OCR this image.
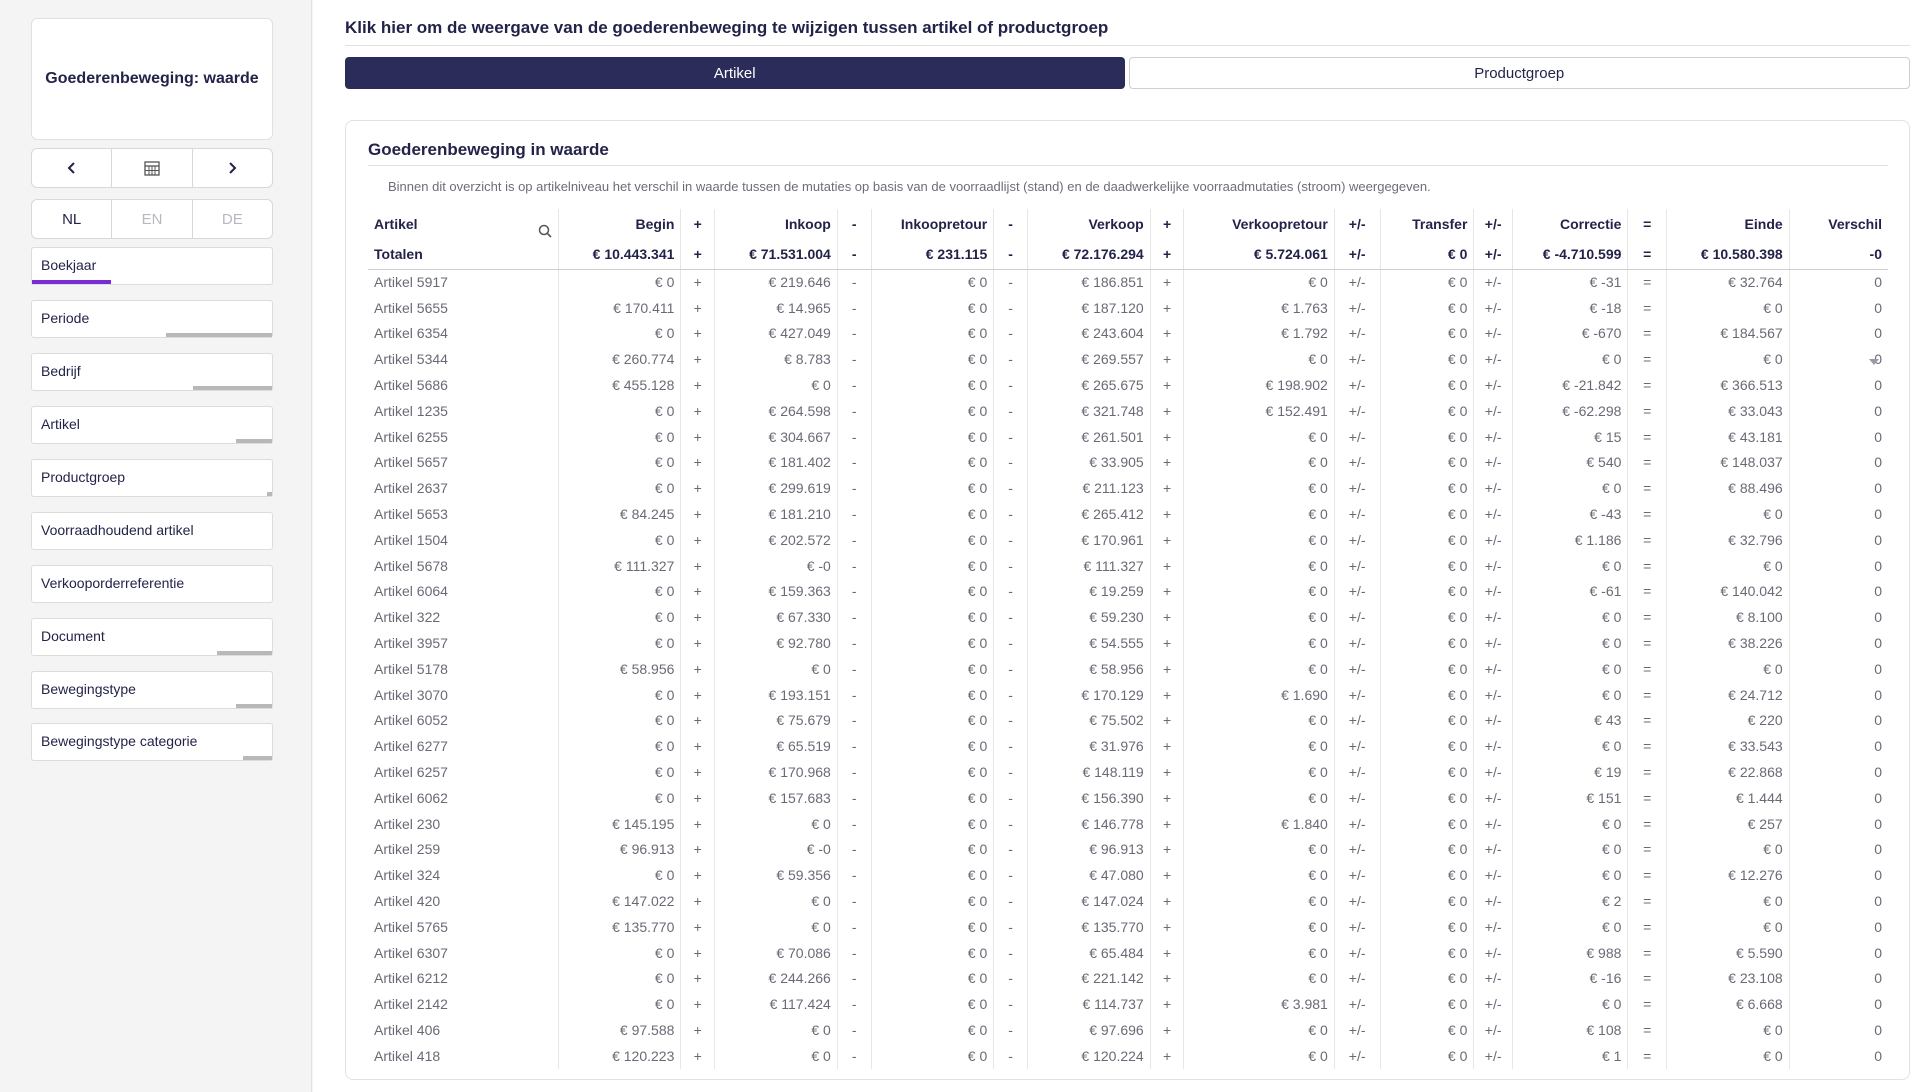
Goederenbeweging: waarde
NL	EN	DE
Boekjaar
Periode
Bedrijf
Artikel
Productgroep
Voorraadhoudend artikel
Verkooporderreferentie
Document
Bewegingstype
Bewegingstype categorie
Klik hier om de weergave van de goederenbeweging te wijzigen tussen artikel of productgroep
Artikel	Productgroep
Goederenbeweging in waarde
Binnen dit overzicht is op artikelniveau het verschil in waarde tussen de mutaties op basis van de voorraadlijst (stand) en de daadwerkelijke voorraadmutaties (stroom) weergegeven.
Artikel	Begin	+	Inkoop	-	Inkoopretour	-	Verkoop	+	Verkoopretour	+/-	Transfer	+/-	Correctie	=	Einde	Verschil
Totalen	€ 10.443.341	+	€ 71.531.004	-	€ 231.115	-	€ 72.176.294	+	€ 5.724.061	+/-	€ 0	+/-	€ -4.710.599	=	€ 10.580.398	-0
Artikel 5917	€ 0	+	€ 219.646	-	€ 0	-	€ 186.851	+	€ 0	+/-	€ 0	+/-	€ -31	=	€ 32.764	0
Artikel 5655	€ 170.411	+	€ 14.965	-	€ 0	-	€ 187.120	+	€ 1.763	+/-	€ 0	+/-	€ -18	=	€ 0	0
Artikel 6354	€ 0	+	€ 427.049	-	€ 0	-	€ 243.604	+	€ 1.792	+/-	€ 0	+/-	€ -670	=	€ 184.567	0
Artikel 5344	€ 260.774	+	€ 8.783	-	€ 0	-	€ 269.557	+	€ 0	+/-	€ 0	+/-	€ 0	=	€ 0	0
Artikel 5686	€ 455.128	+	€ 0	-	€ 0	-	€ 265.675	+	€ 198.902	+/-	€ 0	+/-	€ -21.842	=	€ 366.513	0
Artikel 1235	€ 0	+	€ 264.598	-	€ 0	-	€ 321.748	+	€ 152.491	+/-	€ 0	+/-	€ -62.298	=	€ 33.043	0
Artikel 6255	€ 0	+	€ 304.667	-	€ 0	-	€ 261.501	+	€ 0	+/-	€ 0	+/-	€ 15	=	€ 43.181	0
Artikel 5657	€ 0	+	€ 181.402	-	€ 0	-	€ 33.905	+	€ 0	+/-	€ 0	+/-	€ 540	=	€ 148.037	0
Artikel 2637	€ 0	+	€ 299.619	-	€ 0	-	€ 211.123	+	€ 0	+/-	€ 0	+/-	€ 0	=	€ 88.496	0
Artikel 5653	€ 84.245	+	€ 181.210	-	€ 0	-	€ 265.412	+	€ 0	+/-	€ 0	+/-	€ -43	=	€ 0	0
Artikel 1504	€ 0	+	€ 202.572	-	€ 0	-	€ 170.961	+	€ 0	+/-	€ 0	+/-	€ 1.186	=	€ 32.796	0
Artikel 5678	€ 111.327	+	€ -0	-	€ 0	-	€ 111.327	+	€ 0	+/-	€ 0	+/-	€ 0	=	€ 0	0
Artikel 6064	€ 0	+	€ 159.363	-	€ 0	-	€ 19.259	+	€ 0	+/-	€ 0	+/-	€ -61	=	€ 140.042	0
Artikel 322	€ 0	+	€ 67.330	-	€ 0	-	€ 59.230	+	€ 0	+/-	€ 0	+/-	€ 0	=	€ 8.100	0
Artikel 3957	€ 0	+	€ 92.780	-	€ 0	-	€ 54.555	+	€ 0	+/-	€ 0	+/-	€ 0	=	€ 38.226	0
Artikel 5178	€ 58.956	+	€ 0	-	€ 0	-	€ 58.956	+	€ 0	+/-	€ 0	+/-	€ 0	=	€ 0	0
Artikel 3070	€ 0	+	€ 193.151	-	€ 0	-	€ 170.129	+	€ 1.690	+/-	€ 0	+/-	€ 0	=	€ 24.712	0
Artikel 6052	€ 0	+	€ 75.679	-	€ 0	-	€ 75.502	+	€ 0	+/-	€ 0	+/-	€ 43	=	€ 220	0
Artikel 6277	€ 0	+	€ 65.519	-	€ 0	-	€ 31.976	+	€ 0	+/-	€ 0	+/-	€ 0	=	€ 33.543	0
Artikel 6257	€ 0	+	€ 170.968	-	€ 0	-	€ 148.119	+	€ 0	+/-	€ 0	+/-	€ 19	=	€ 22.868	0
Artikel 6062	€ 0	+	€ 157.683	-	€ 0	-	€ 156.390	+	€ 0	+/-	€ 0	+/-	€ 151	=	€ 1.444	0
Artikel 230	€ 145.195	+	€ 0	-	€ 0	-	€ 146.778	+	€ 1.840	+/-	€ 0	+/-	€ 0	=	€ 257	0
Artikel 259	€ 96.913	+	€ -0	-	€ 0	-	€ 96.913	+	€ 0	+/-	€ 0	+/-	€ 0	=	€ 0	0
Artikel 324	€ 0	+	€ 59.356	-	€ 0	-	€ 47.080	+	€ 0	+/-	€ 0	+/-	€ 0	=	€ 12.276	0
Artikel 420	€ 147.022	+	€ 0	-	€ 0	-	€ 147.024	+	€ 0	+/-	€ 0	+/-	€ 2	=	€ 0	0
Artikel 5765	€ 135.770	+	€ 0	-	€ 0	-	€ 135.770	+	€ 0	+/-	€ 0	+/-	€ 0	=	€ 0	0
Artikel 6307	€ 0	+	€ 70.086	-	€ 0	-	€ 65.484	+	€ 0	+/-	€ 0	+/-	€ 988	=	€ 5.590	0
Artikel 6212	€ 0	+	€ 244.266	-	€ 0	-	€ 221.142	+	€ 0	+/-	€ 0	+/-	€ -16	=	€ 23.108	0
Artikel 2142	€ 0	+	€ 117.424	-	€ 0	-	€ 114.737	+	€ 3.981	+/-	€ 0	+/-	€ 0	=	€ 6.668	0
Artikel 406	€ 97.588	+	€ 0	-	€ 0	-	€ 97.696	+	€ 0	+/-	€ 0	+/-	€ 108	=	€ 0	0
Artikel 418	€ 120.223	+	€ 0	-	€ 0	-	€ 120.224	+	€ 0	+/-	€ 0	+/-	€ 1	=	€ 0	0
